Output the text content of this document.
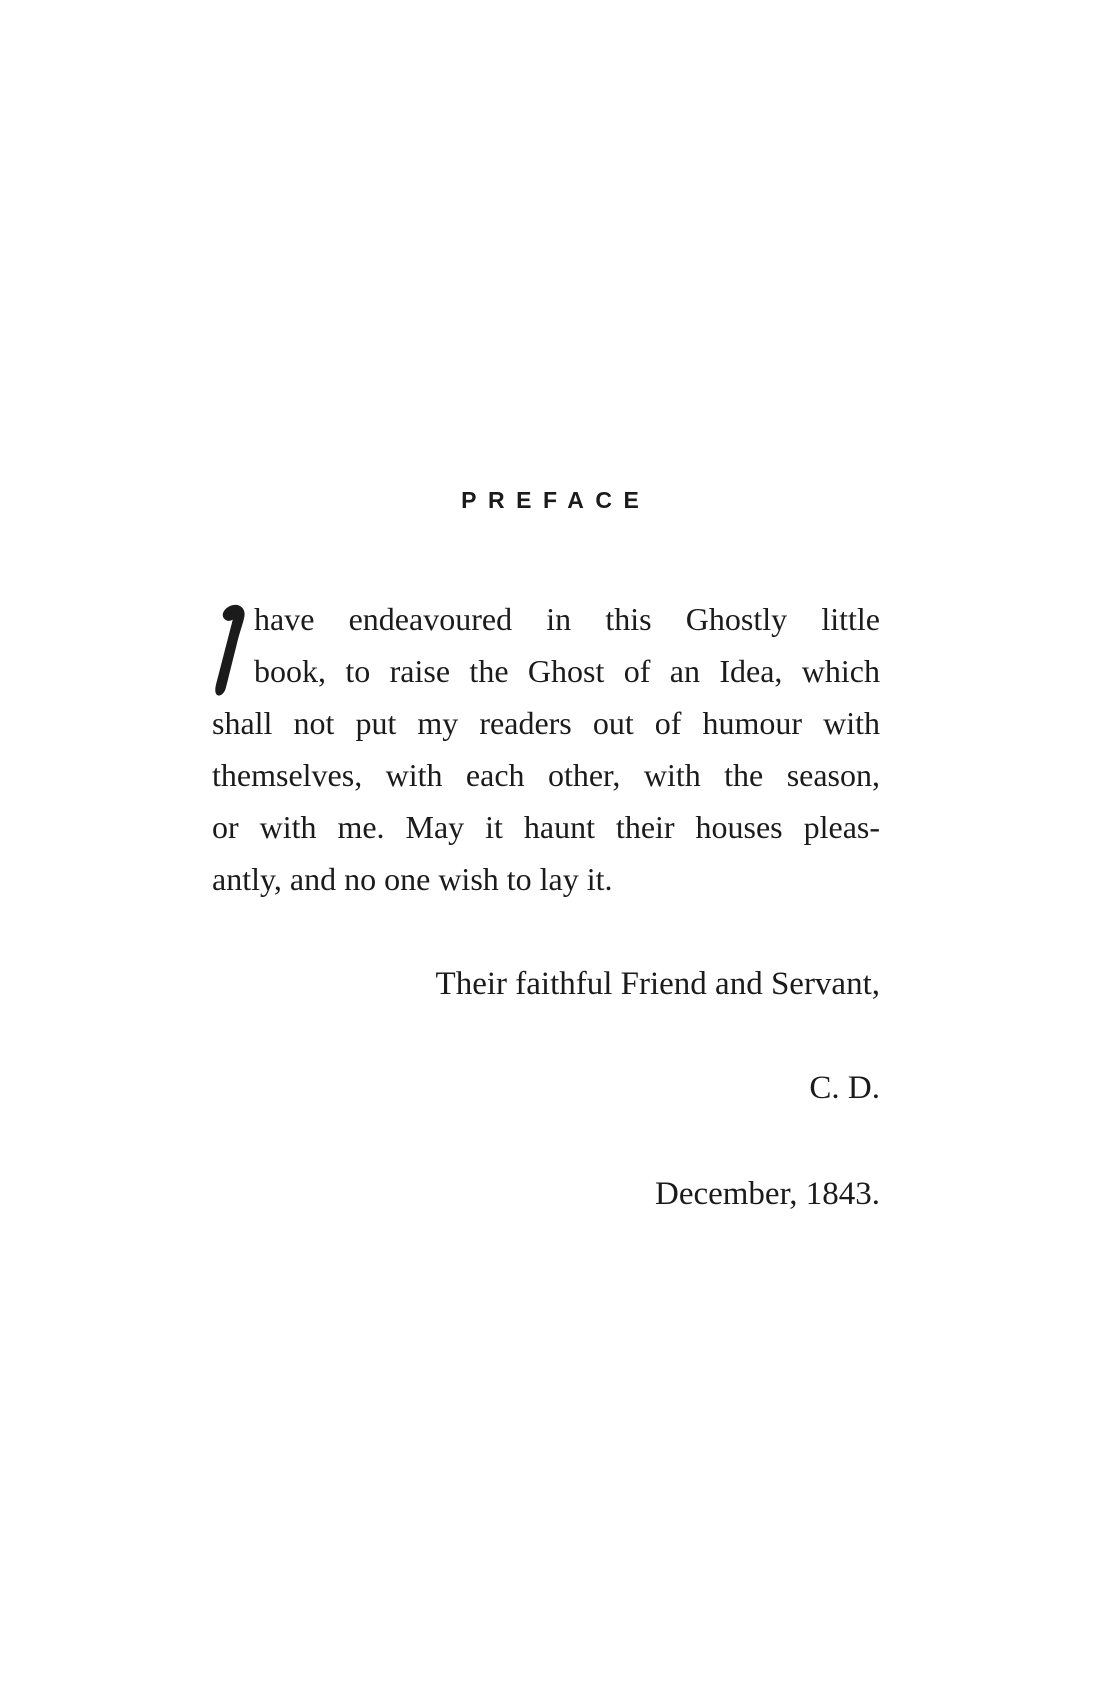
PREFACE
have endeavoured in this Ghostly little
book, to raise the Ghost of an Idea, which
shall not put my readers out of humour with
themselves, with each other, with the season,
or with me. May it haunt their houses pleas-
antly, and no one wish to lay it.
Their faithful Friend and Servant,
C. D.
December, 1843.
